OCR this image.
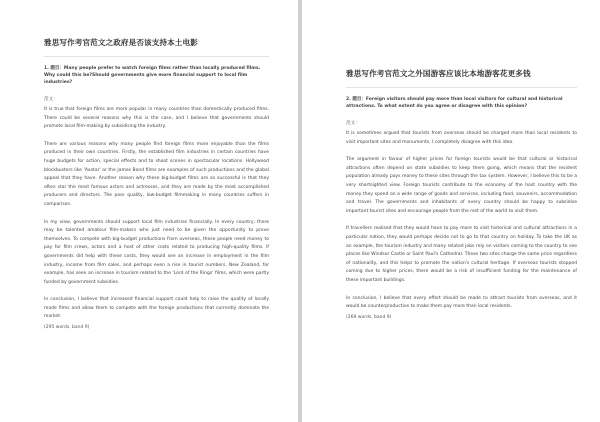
雅思写作考官范文之政府是否该支持本土电影
1. 题目：Many people prefer to watch foreign films rather than locally produced films. Why could this be?Should governments give more financial support to local film industries?
范文：

It is true that foreign films are more popular in many countries than domestically produced films. There could be several reasons why this is the case, and I believe that governments should promote local film-making by subsidising the industry.

There are various reasons why many people find foreign films more enjoyable than the films produced in their own countries. Firstly, the established film industries in certain countries have huge budgets for action, special effects and to shoot scenes in spectacular locations. Hollywood blockbusters like 'Avatar' or the James Bond films are examples of such productions and the global appeal that they have. Another reason why these big-budget films are so successful is that they often star the most famous actors and actresses, and they are made by the most accomplished producers and directors. The poor quality, low-budget filmmaking in many countries suffers in comparison.

In my view, governments should support local film industries financially. In every country, there may be talented amateur film-makers who just need to be given the opportunity to prove themselves. To compete with big-budget productions from overseas, these people need money to pay for film crews, actors and a host of other costs related to producing high-quality films. If governments did help with these costs, they would see an increase in employment in the film industry, income from film sales, and perhaps even a rise in tourist numbers. New Zealand, for example, has seen an increase in tourism related to the 'Lord of the Rings' films, which were partly funded by government subsidies.

In conclusion, I believe that increased financial support could help to raise the quality of locally made films and allow them to compete with the foreign productions that currently dominate the market.

(295 words, band 9)

雅思写作考官范文之外国游客应该比本地游客花更多钱
2. 题目：Foreign visitors should pay more than local visitors for cultural and historical attractions. To what extent do you agree or disagree with this opinion?
范文：

It is sometimes argued that tourists from overseas should be charged more than local residents to visit important sites and monuments. I completely disagree with this idea.

The argument in favour of higher prices for foreign tourists would be that cultural or historical attractions often depend on state subsidies to keep them going, which means that the resident population already pays money to these sites through the tax system. However, I believe this to be a very shortsighted view. Foreign tourists contribute to the economy of the host country with the money they spend on a wide range of goods and services, including food, souvenirs, accommodation and travel. The governments and inhabitants of every country should be happy to subsidise important tourist sites and encourage people from the rest of the world to visit them.

If travellers realised that they would have to pay more to visit historical and cultural attractions in a particular nation, they would perhaps decide not to go to that country on holiday. To take the UK as an example, the tourism industry and many related jobs rely on visitors coming to the country to see places like Windsor Castle or Saint Paul's Cathedral. These two sites charge the same price regardless of nationality, and this helps to promote the nation's cultural heritage. If overseas tourists stopped coming due to higher prices, there would be a risk of insufficient funding for the maintenance of these important buildings.

In conclusion, I believe that every effort should be made to attract tourists from overseas, and it would be counterproductive to make them pay more than local residents.

(269 words, band 9)
